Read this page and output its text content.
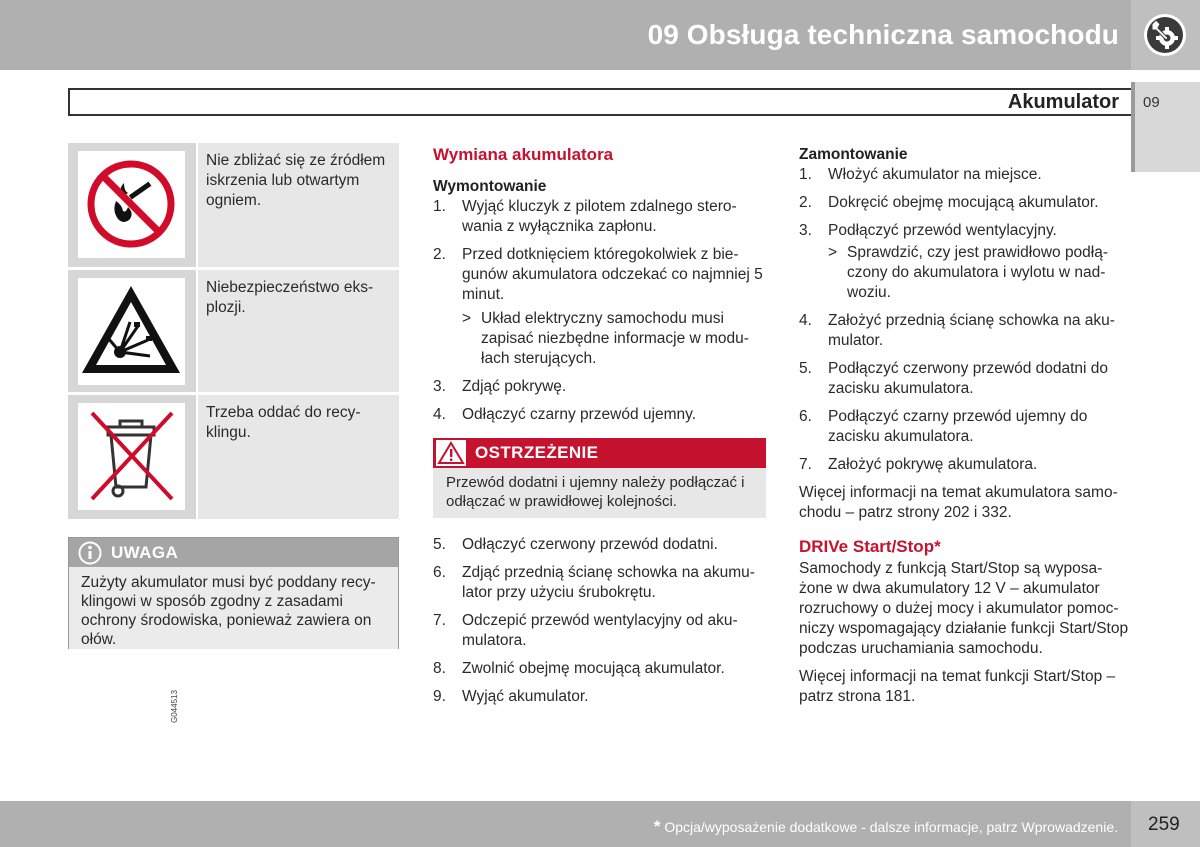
09 Obsługa techniczna samochodu
Akumulator 09
Nie zbliżać się ze źródłem iskrzenia lub otwartym ogniem.
Niebezpieczeństwo eks-plozji.
G044513
Trzeba oddać do recy-klingu.
UWAGA
Zużyty akumulator musi być poddany recy-klingowi w sposób zgodny z zasadami ochrony środowiska, ponieważ zawiera on ołów.
Wymiana akumulatora
Wymontowanie
1. Wyjąć kluczyk z pilotem zdalnego stero-wania z wyłącznika zapłonu.
2. Przed dotknięciem któregokolwiek z bie-gunów akumulatora odczekać co najmniej 5 minut.
> Układ elektryczny samochodu musi zapisać niezbędne informacje w modu-łach sterujących.
3. Zdjąć pokrywę.
4. Odłączyć czarny przewód ujemny.
OSTRZEŻENIE
Przewód dodatni i ujemny należy podłączać i odłączać w prawidłowej kolejności.
5. Odłączyć czerwony przewód dodatni.
6. Zdjąć przednią ścianę schowka na akumu-lator przy użyciu śrubokrętu.
7. Odczepić przewód wentylacyjny od aku-mulatora.
8. Zwolnić obejmę mocującą akumulator.
9. Wyjąć akumulator.
Zamontowanie
1. Włożyć akumulator na miejsce.
2. Dokręcić obejmę mocującą akumulator.
3. Podłączyć przewód wentylacyjny.
> Sprawdzić, czy jest prawidłowo podłą-czony do akumulatora i wylotu w nad-woziu.
4. Założyć przednią ścianę schowka na aku-mulator.
5. Podłączyć czerwony przewód dodatni do zacisku akumulatora.
6. Podłączyć czarny przewód ujemny do zacisku akumulatora.
7. Założyć pokrywę akumulatora.

Więcej informacji na temat akumulatora samo-chodu – patrz strony 202 i 332.

DRIVe Start/Stop*

Samochody z funkcją Start/Stop są wyposa-żone w dwa akumulatory 12 V – akumulator rozruchowy o dużej mocy i akumulator pomoc-niczy wspomagający działanie funkcji Start/Stop podczas uruchamiania samochodu.

Więcej informacji na temat funkcji Start/Stop – patrz strona 181.

* Opcja/wyposażenie dodatkowe - dalsze informacje, patrz Wprowadzenie. 259
